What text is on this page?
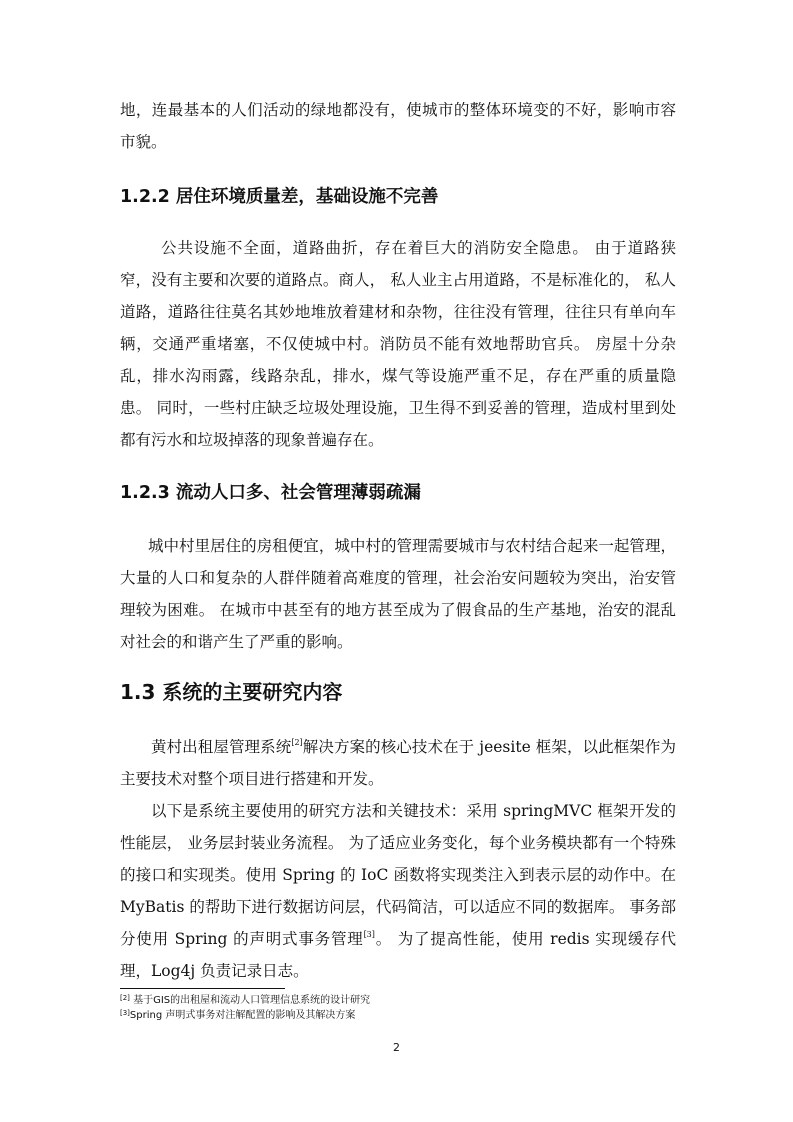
地，连最基本的人们活动的绿地都没有，使城市的整体环境变的不好，影响市容市貌。

1.2.2 居住环境质量差，基础设施不完善

公共设施不全面，道路曲折，存在着巨大的消防安全隐患。 由于道路狭窄，没有主要和次要的道路点。商人， 私人业主占用道路，不是标准化的， 私人道路，道路往往莫名其妙地堆放着建材和杂物，往往没有管理，往往只有单向车辆，交通严重堵塞，不仅使城中村。消防员不能有效地帮助官兵。 房屋十分杂乱，排水沟雨露，线路杂乱，排水，煤气等设施严重不足，存在严重的质量隐患。 同时，一些村庄缺乏垃圾处理设施，卫生得不到妥善的管理，造成村里到处都有污水和垃圾掉落的现象普遍存在。

1.2.3 流动人口多、社会管理薄弱疏漏

城中村里居住的房租便宜，城中村的管理需要城市与农村结合起来一起管理，大量的人口和复杂的人群伴随着高难度的管理，社会治安问题较为突出，治安管理较为困难。 在城市中甚至有的地方甚至成为了假食品的生产基地，治安的混乱对社会的和谐产生了严重的影响。

1.3 系统的主要研究内容

黄村出租屋管理系统[2]解决方案的核心技术在于 jeesite 框架，以此框架作为主要技术对整个项目进行搭建和开发。

以下是系统主要使用的研究方法和关键技术：采用 springMVC 框架开发的性能层， 业务层封装业务流程。 为了适应业务变化，每个业务模块都有一个特殊的接口和实现类。使用 Spring 的 IoC 函数将实现类注入到表示层的动作中。在 MyBatis 的帮助下进行数据访问层，代码简洁，可以适应不同的数据库。 事务部分使用 Spring 的声明式事务管理[3]。 为了提高性能，使用 redis 实现缓存代理，Log4j 负责记录日志。

[2] 基于GIS的出租屋和流动人口管理信息系统的设计研究

[3]Spring 声明式事务对注解配置的影响及其解决方案

2
